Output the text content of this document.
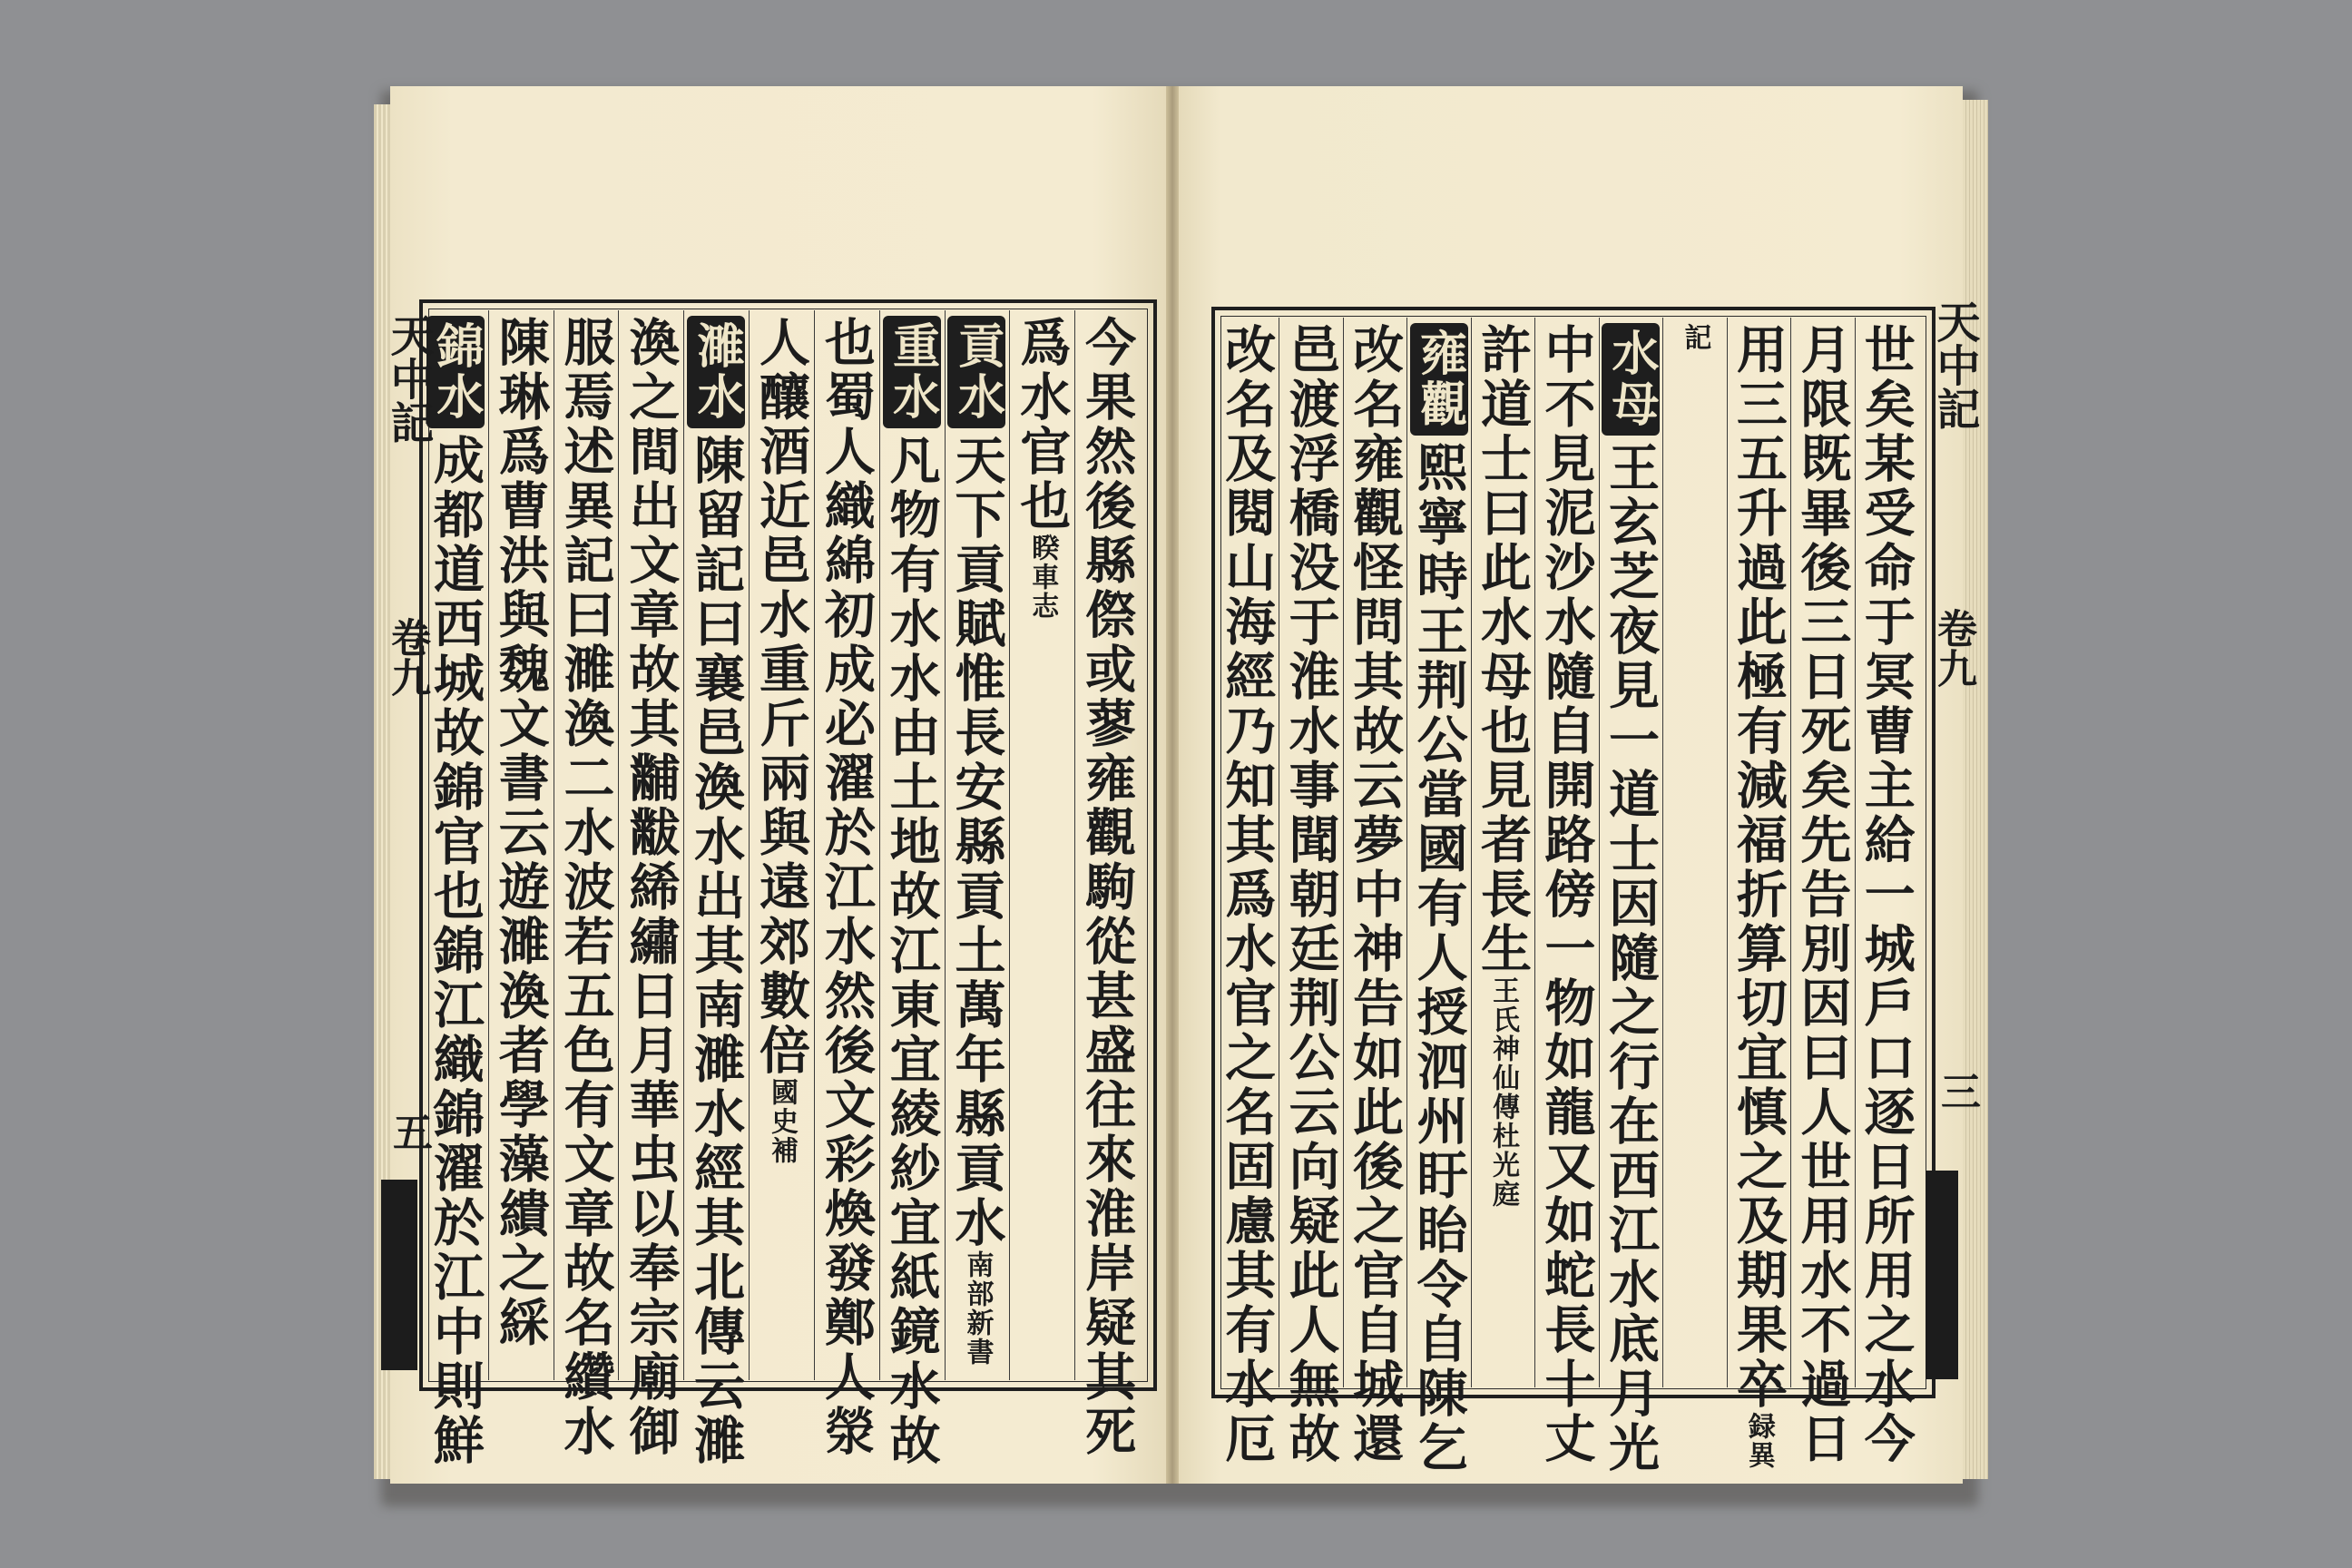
今果然後縣傺或蓼雍觀駒從甚盛往來淮岸疑其死
爲水官也睽車志
貢水天下貢賦惟長安縣貢土萬年縣貢水南部新書
重水凡物有水水由土地故江東宜綾紗宜紙鏡水故
也蜀人織綿初成必濯於江水然後文彩煥發鄭人滎
人釀酒近邑水重斤兩與遠郊數倍國史補
濉水陳留記曰襄邑渙水出其南濉水經其北傳云濉
渙之間出文章故其黼黻絺繡日月華虫以奉宗廟御
服焉述異記曰濉渙二水波若五色有文章故名纘水
陳琳爲曹洪與魏文書云遊濉渙者學藻繢之綵
錦水成都道西城故錦官也錦江織錦濯於江中則鮮
天中記
卷九
五	世矣某受命于冥曹主給一城戶口逐日所用之水今
月限既畢後三日死矣先告別因曰人世用水不過日
用三五升過此極有減福折算切宜慎之及期果卒録異
記
水母王玄芝夜見一道士因隨之行在西江水底月光
中不見泥沙水隨自開路傍一物如龍又如蛇長十丈
許道士曰此水母也見者長生王氏神仙傳杜光庭
雍觀熙寧時王荆公當國有人授泗州盱眙令自陳乞
改名雍觀怪問其故云夢中神告如此後之官自城還
邑渡浮橋没于淮水事聞朝廷荆公云向疑此人無故
改名及閱山海經乃知其爲水官之名固慮其有水厄	天中記
卷九
三
